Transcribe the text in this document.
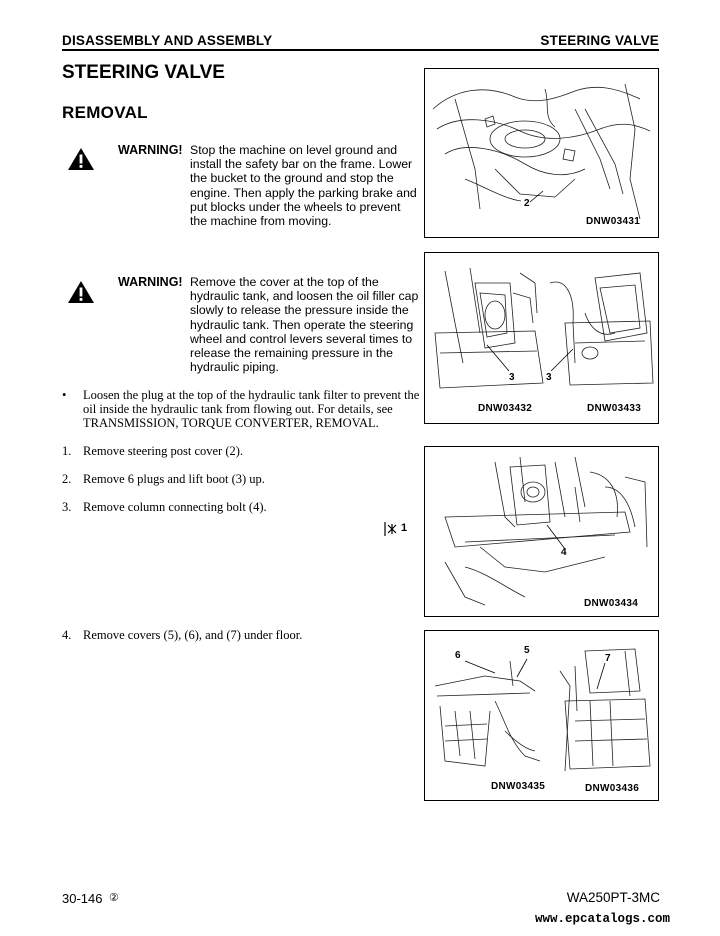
DISASSEMBLY AND ASSEMBLY	STEERING VALVE
STEERING VALVE
REMOVAL
WARNING! Stop the machine on level ground and install the safety bar on the frame. Lower the bucket to the ground and stop the engine. Then apply the parking brake and put blocks under the wheels to prevent the machine from moving.
WARNING! Remove the cover at the top of the hydraulic tank, and loosen the oil filler cap slowly to release the pressure inside the hydraulic tank. Then operate the steering wheel and control levers several times to release the remaining pressure in the hydraulic piping.
• Loosen the plug at the top of the hydraulic tank filter to prevent the oil inside the hydraulic tank from flowing out. For details, see TRANSMISSION, TORQUE CONVERTER, REMOVAL.
1. Remove steering post cover (2).
2. Remove 6 plugs and lift boot (3) up.
3. Remove column connecting bolt (4).
4. Remove covers (5), (6), and (7) under floor.
1
2
DNW03431
3	3
DNW03432	DNW03433
4
DNW03434
6	5
7
DNW03435	DNW03436
30-146 ②	WA250PT-3MC
www.epcatalogs.com
